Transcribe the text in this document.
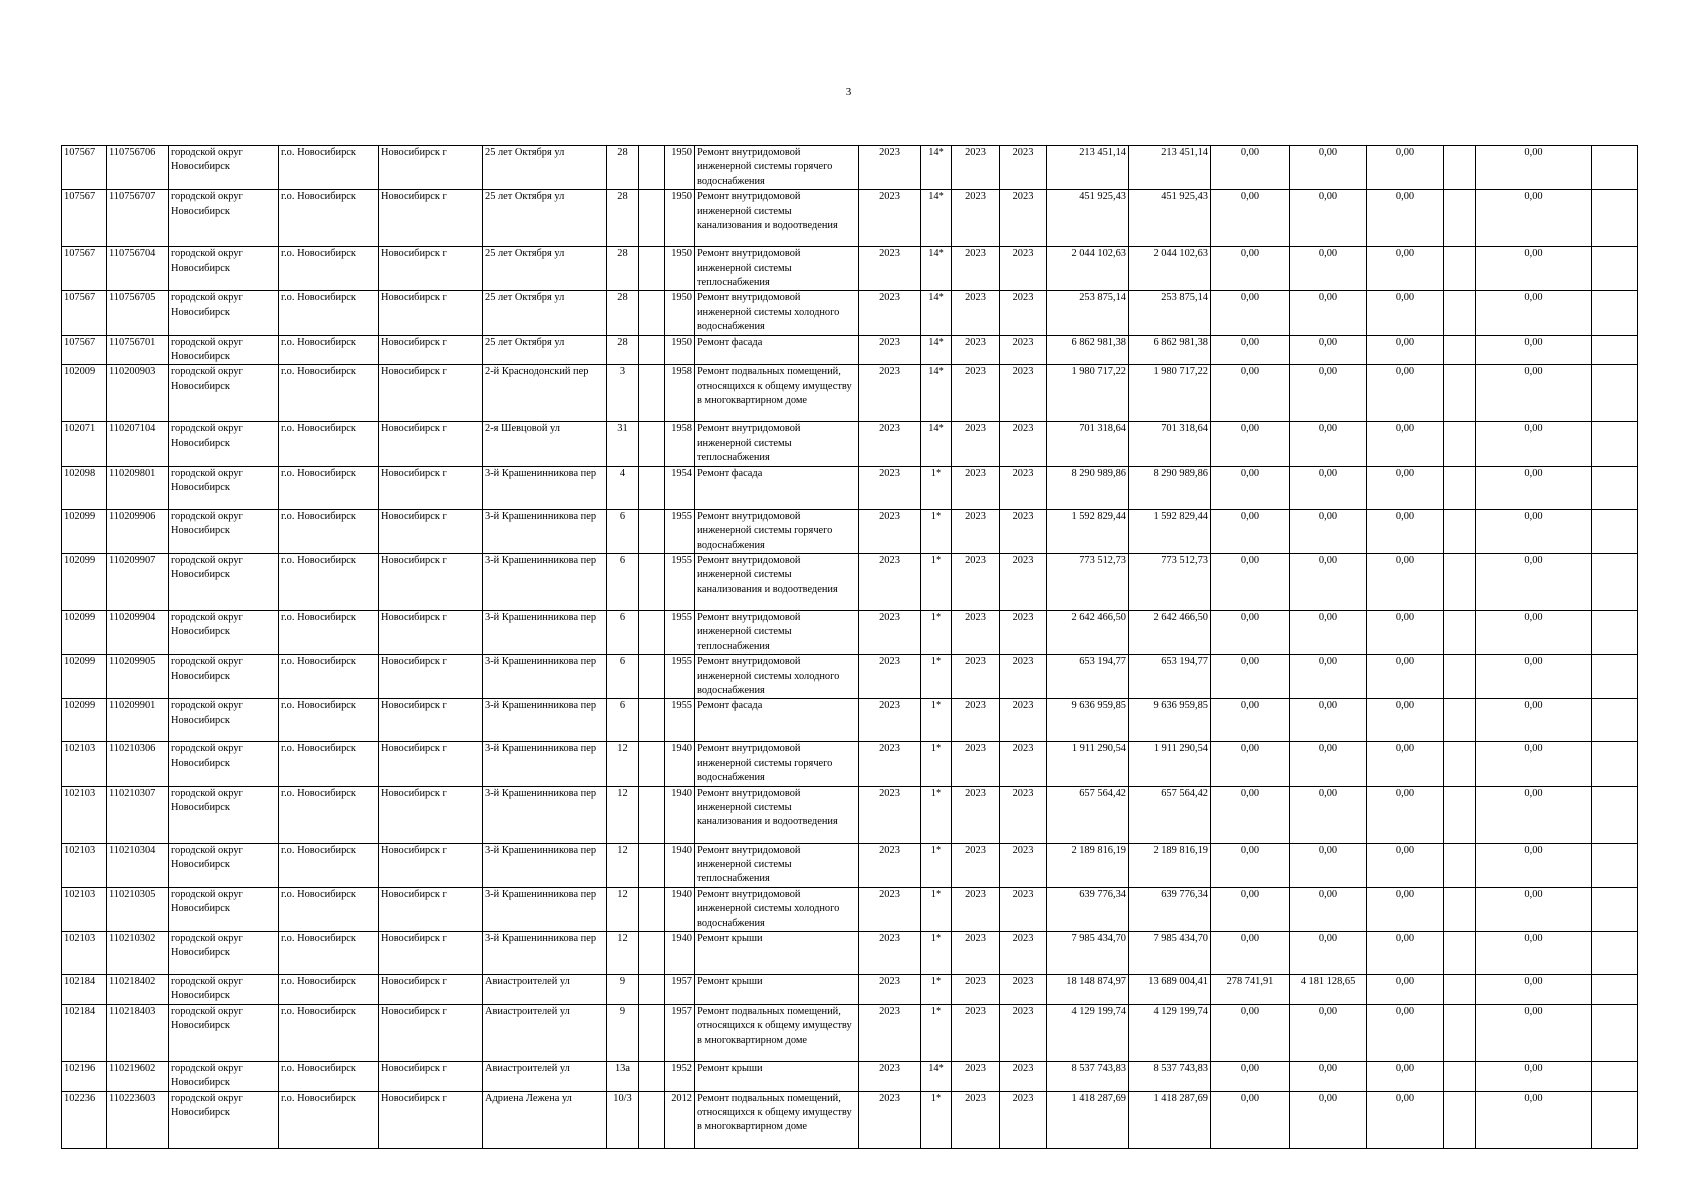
3
107567	110756706	городской округ Новосибирск	г.о. Новосибирск	Новосибирск г	25 лет Октября ул	28		1950	Ремонт внутридомовой инженерной системы горячего водоснабжения	2023	14*	2023	2023	213 451,14	213 451,14	0,00	0,00	0,00		0,00	
107567	110756707	городской округ Новосибирск	г.о. Новосибирск	Новосибирск г	25 лет Октября ул	28		1950	Ремонт внутридомовой инженерной системы канализования и водоотведения	2023	14*	2023	2023	451 925,43	451 925,43	0,00	0,00	0,00		0,00	
107567	110756704	городской округ Новосибирск	г.о. Новосибирск	Новосибирск г	25 лет Октября ул	28		1950	Ремонт внутридомовой инженерной системы теплоснабжения	2023	14*	2023	2023	2 044 102,63	2 044 102,63	0,00	0,00	0,00		0,00	
107567	110756705	городской округ Новосибирск	г.о. Новосибирск	Новосибирск г	25 лет Октября ул	28		1950	Ремонт внутридомовой инженерной системы холодного водоснабжения	2023	14*	2023	2023	253 875,14	253 875,14	0,00	0,00	0,00		0,00	
107567	110756701	городской округ Новосибирск	г.о. Новосибирск	Новосибирск г	25 лет Октября ул	28		1950	Ремонт фасада	2023	14*	2023	2023	6 862 981,38	6 862 981,38	0,00	0,00	0,00		0,00	
102009	110200903	городской округ Новосибирск	г.о. Новосибирск	Новосибирск г	2-й Краснодонский пер	3		1958	Ремонт подвальных помещений, относящихся к общему имуществу в многоквартирном доме	2023	14*	2023	2023	1 980 717,22	1 980 717,22	0,00	0,00	0,00		0,00	
102071	110207104	городской округ Новосибирск	г.о. Новосибирск	Новосибирск г	2-я Шевцовой ул	31		1958	Ремонт внутридомовой инженерной системы теплоснабжения	2023	14*	2023	2023	701 318,64	701 318,64	0,00	0,00	0,00		0,00	
102098	110209801	городской округ Новосибирск	г.о. Новосибирск	Новосибирск г	3-й Крашенинникова пер	4		1954	Ремонт фасада	2023	1*	2023	2023	8 290 989,86	8 290 989,86	0,00	0,00	0,00		0,00	
102099	110209906	городской округ Новосибирск	г.о. Новосибирск	Новосибирск г	3-й Крашенинникова пер	6		1955	Ремонт внутридомовой инженерной системы горячего водоснабжения	2023	1*	2023	2023	1 592 829,44	1 592 829,44	0,00	0,00	0,00		0,00	
102099	110209907	городской округ Новосибирск	г.о. Новосибирск	Новосибирск г	3-й Крашенинникова пер	6		1955	Ремонт внутридомовой инженерной системы канализования и водоотведения	2023	1*	2023	2023	773 512,73	773 512,73	0,00	0,00	0,00		0,00	
102099	110209904	городской округ Новосибирск	г.о. Новосибирск	Новосибирск г	3-й Крашенинникова пер	6		1955	Ремонт внутридомовой инженерной системы теплоснабжения	2023	1*	2023	2023	2 642 466,50	2 642 466,50	0,00	0,00	0,00		0,00	
102099	110209905	городской округ Новосибирск	г.о. Новосибирск	Новосибирск г	3-й Крашенинникова пер	6		1955	Ремонт внутридомовой инженерной системы холодного водоснабжения	2023	1*	2023	2023	653 194,77	653 194,77	0,00	0,00	0,00		0,00	
102099	110209901	городской округ Новосибирск	г.о. Новосибирск	Новосибирск г	3-й Крашенинникова пер	6		1955	Ремонт фасада	2023	1*	2023	2023	9 636 959,85	9 636 959,85	0,00	0,00	0,00		0,00	
102103	110210306	городской округ Новосибирск	г.о. Новосибирск	Новосибирск г	3-й Крашенинникова пер	12		1940	Ремонт внутридомовой инженерной системы горячего водоснабжения	2023	1*	2023	2023	1 911 290,54	1 911 290,54	0,00	0,00	0,00		0,00	
102103	110210307	городской округ Новосибирск	г.о. Новосибирск	Новосибирск г	3-й Крашенинникова пер	12		1940	Ремонт внутридомовой инженерной системы канализования и водоотведения	2023	1*	2023	2023	657 564,42	657 564,42	0,00	0,00	0,00		0,00	
102103	110210304	городской округ Новосибирск	г.о. Новосибирск	Новосибирск г	3-й Крашенинникова пер	12		1940	Ремонт внутридомовой инженерной системы теплоснабжения	2023	1*	2023	2023	2 189 816,19	2 189 816,19	0,00	0,00	0,00		0,00	
102103	110210305	городской округ Новосибирск	г.о. Новосибирск	Новосибирск г	3-й Крашенинникова пер	12		1940	Ремонт внутридомовой инженерной системы холодного водоснабжения	2023	1*	2023	2023	639 776,34	639 776,34	0,00	0,00	0,00		0,00	
102103	110210302	городской округ Новосибирск	г.о. Новосибирск	Новосибирск г	3-й Крашенинникова пер	12		1940	Ремонт крыши	2023	1*	2023	2023	7 985 434,70	7 985 434,70	0,00	0,00	0,00		0,00	
102184	110218402	городской округ Новосибирск	г.о. Новосибирск	Новосибирск г	Авиастроителей ул	9		1957	Ремонт крыши	2023	1*	2023	2023	18 148 874,97	13 689 004,41	278 741,91	4 181 128,65	0,00		0,00	
102184	110218403	городской округ Новосибирск	г.о. Новосибирск	Новосибирск г	Авиастроителей ул	9		1957	Ремонт подвальных помещений, относящихся к общему имуществу в многоквартирном доме	2023	1*	2023	2023	4 129 199,74	4 129 199,74	0,00	0,00	0,00		0,00	
102196	110219602	городской округ Новосибирск	г.о. Новосибирск	Новосибирск г	Авиастроителей ул	13а		1952	Ремонт крыши	2023	14*	2023	2023	8 537 743,83	8 537 743,83	0,00	0,00	0,00		0,00	
102236	110223603	городской округ Новосибирск	г.о. Новосибирск	Новосибирск г	Адриена Лежена ул	10/3		2012	Ремонт подвальных помещений, относящихся к общему имуществу в многоквартирном доме	2023	1*	2023	2023	1 418 287,69	1 418 287,69	0,00	0,00	0,00		0,00	
